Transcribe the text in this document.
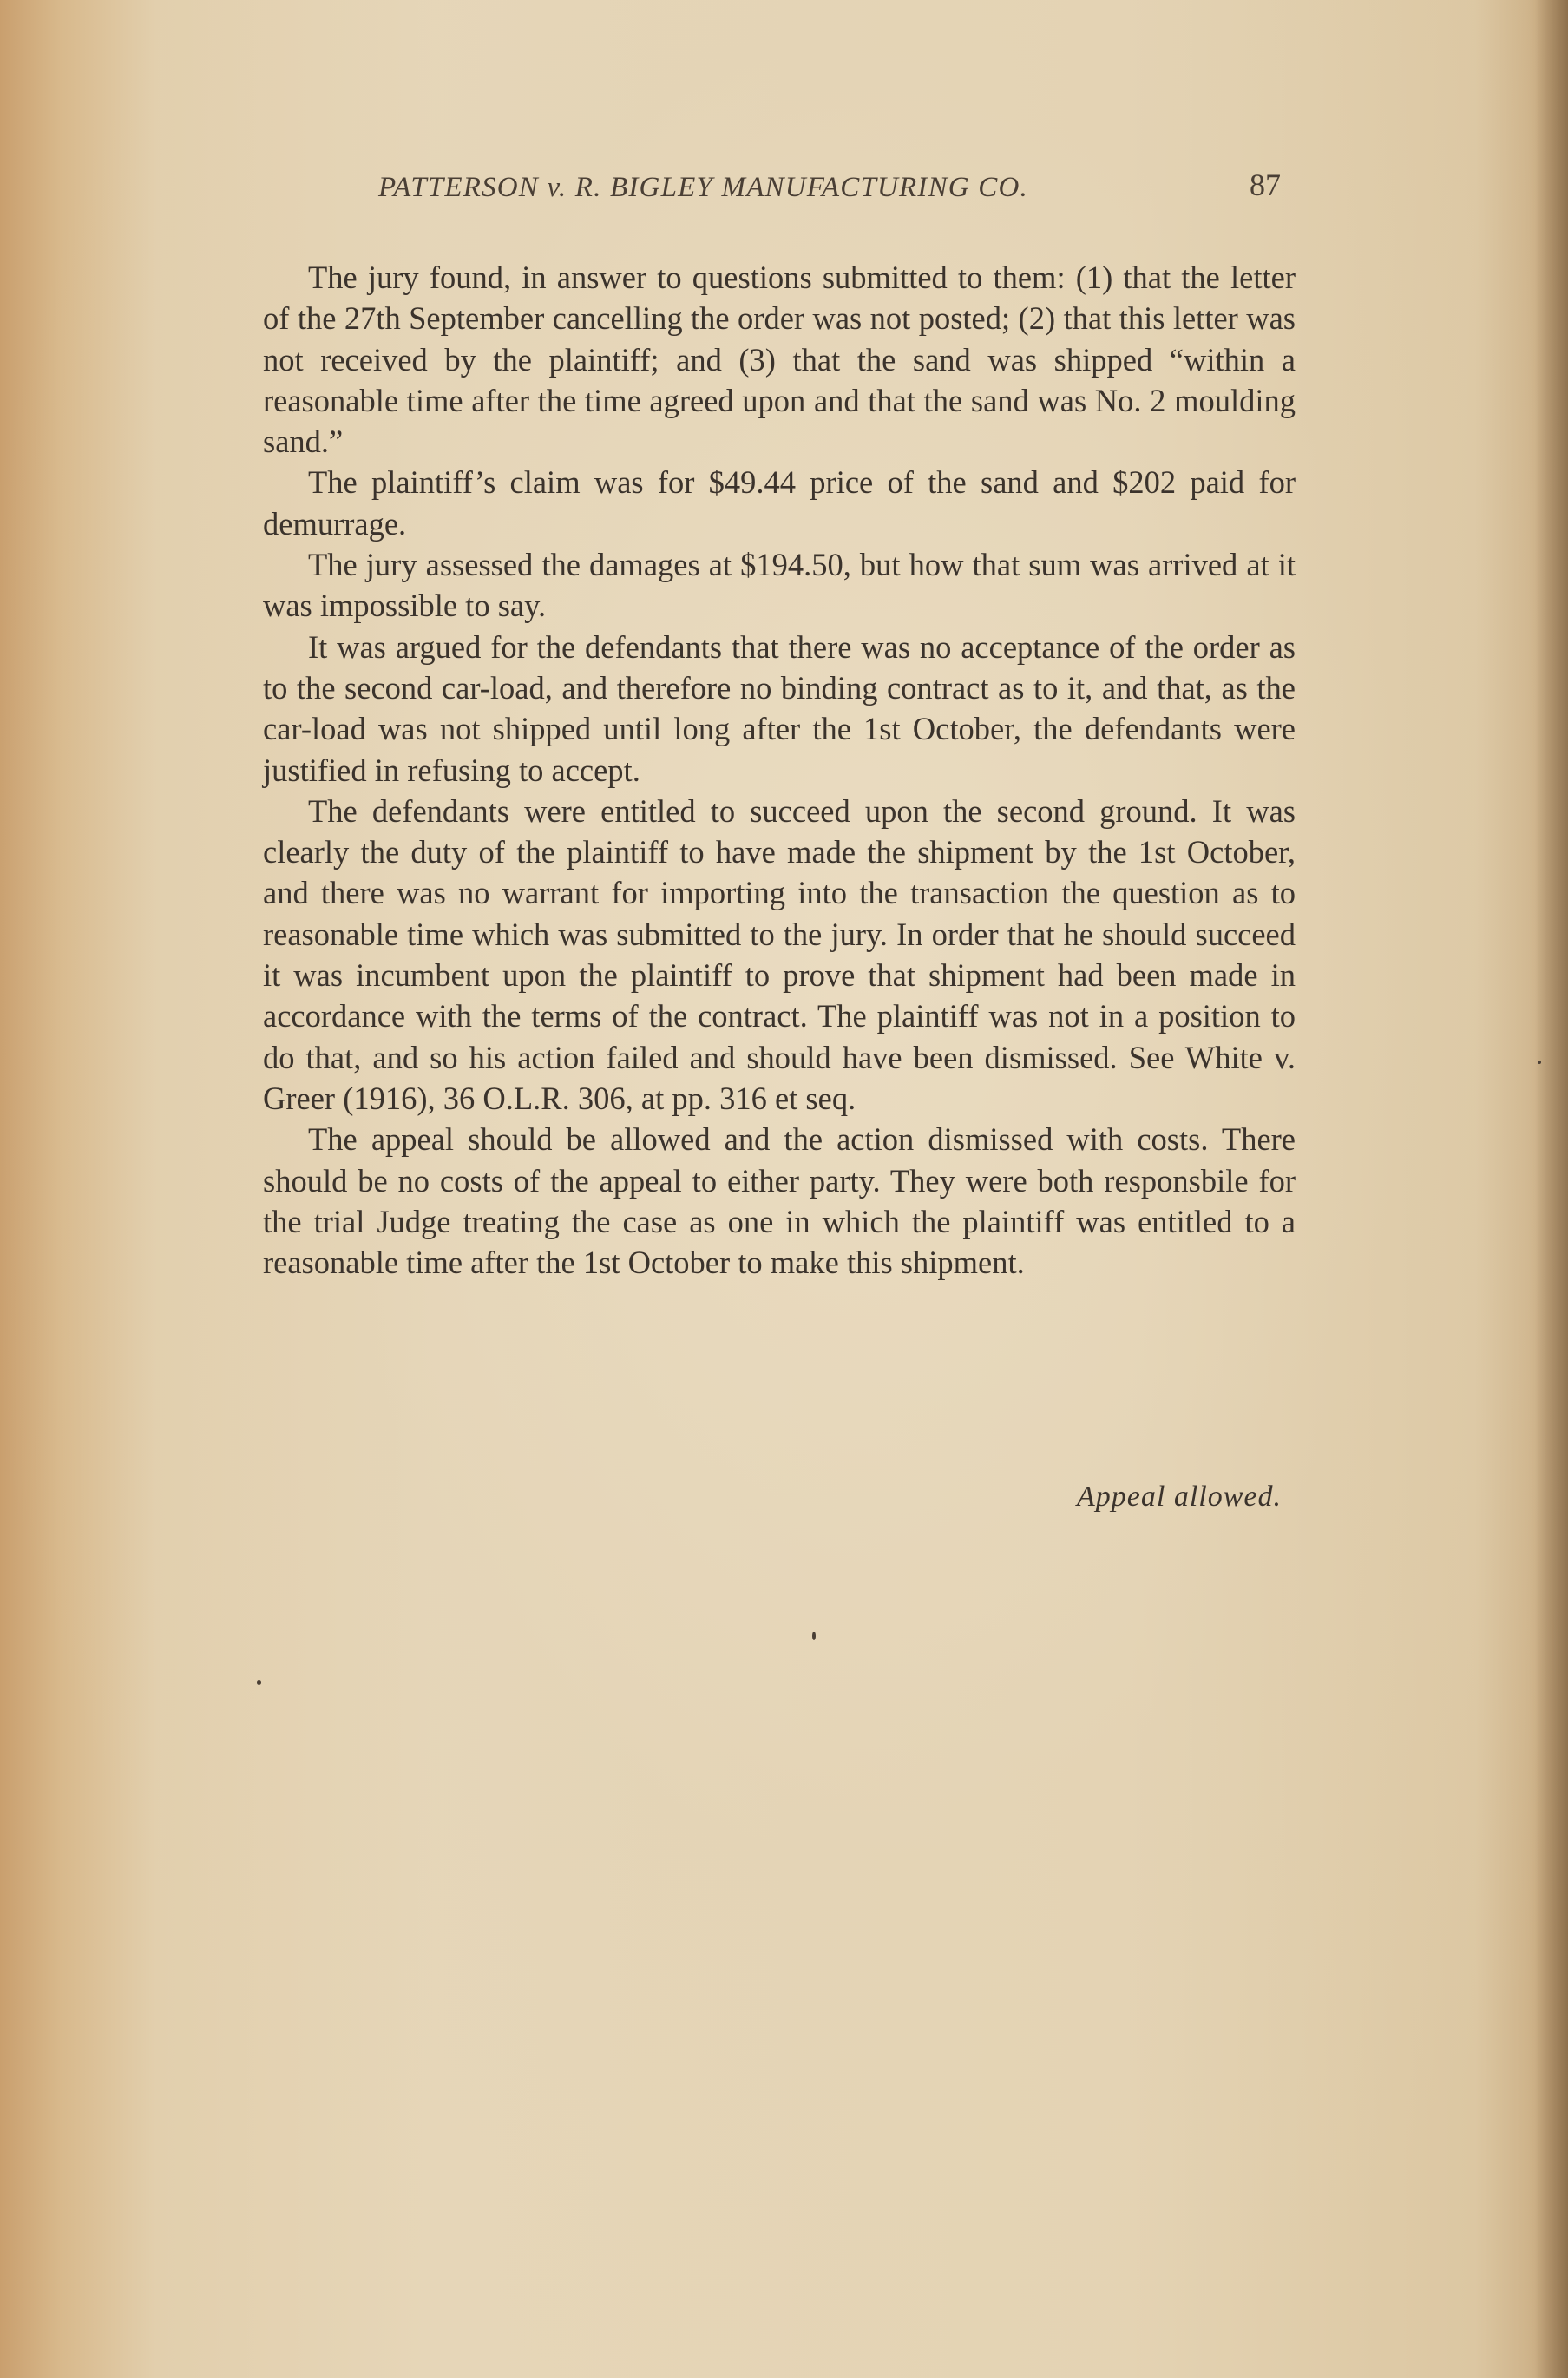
PATTERSON v. R. BIGLEY MANUFACTURING CO.	87

The jury found, in answer to questions submitted to them: (1) that the letter of the 27th September cancelling the order was not posted; (2) that this letter was not received by the plaintiff; and (3) that the sand was shipped “within a reasonable time after the time agreed upon and that the sand was No. 2 moulding sand.”

The plaintiff’s claim was for $49.44 price of the sand and $202 paid for demurrage.

The jury assessed the damages at $194.50, but how that sum was arrived at it was impossible to say.

It was argued for the defendants that there was no acceptance of the order as to the second car-load, and therefore no binding contract as to it, and that, as the car-load was not shipped until long after the 1st October, the defendants were justified in refusing to accept.

The defendants were entitled to succeed upon the second ground. It was clearly the duty of the plaintiff to have made the shipment by the 1st October, and there was no warrant for importing into the transaction the question as to reasonable time which was submitted to the jury. In order that he should succeed it was incumbent upon the plaintiff to prove that shipment had been made in accordance with the terms of the contract. The plaintiff was not in a position to do that, and so his action failed and should have been dismissed. See White v. Greer (1916), 36 O.L.R. 306, at pp. 316 et seq.

The appeal should be allowed and the action dismissed with costs. There should be no costs of the appeal to either party. They were both responsbile for the trial Judge treating the case as one in which the plaintiff was entitled to a reasonable time after the 1st October to make this shipment.

Appeal allowed.
